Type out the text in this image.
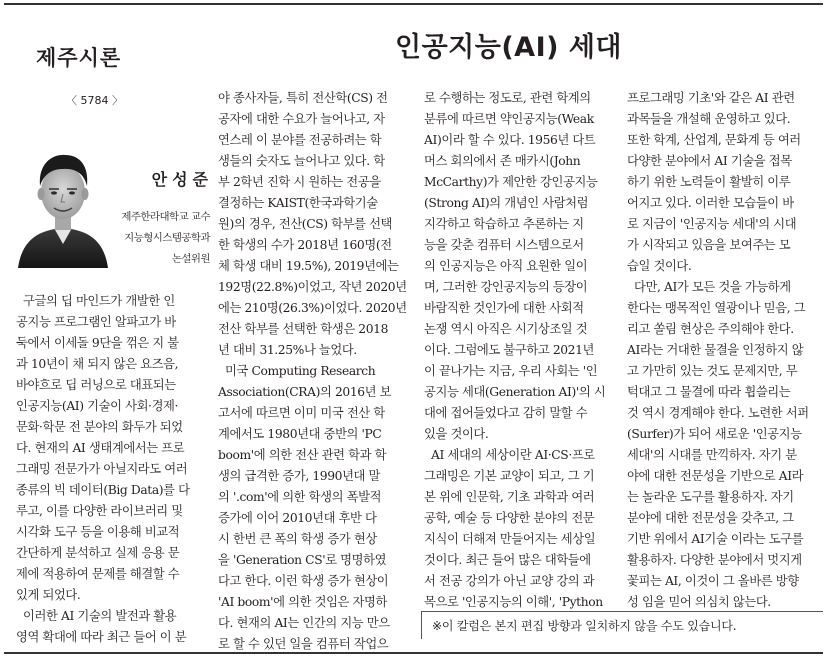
제주시론
〈 5784 〉
인공지능(AI) 세대
안성준
제주한라대학교 교수
지능형시스템공학과
논설위원
구글의 딥 마인드가 개발한 인
공지능 프로그램인 알파고가 바
둑에서 이세돌 9단을 꺾은 지 불
과 10년이 채 되지 않은 요즈음,
바야흐로 딥 러닝으로 대표되는
인공지능(AI) 기술이 사회·경제·
문화·학문 전 분야의 화두가 되었
다. 현재의 AI 생태계에서는 프로
그래밍 전문가가 아닐지라도 여러
종류의 빅 데이터(Big Data)를 다
루고, 이를 다양한 라이브러리 및
시각화 도구 등을 이용해 비교적
간단하게 분석하고 실제 응용 문
제에 적용하여 문제를 해결할 수
있게 되었다.
이러한 AI 기술의 발전과 활용
영역 확대에 따라 최근 들어 이 분
야 종사자들, 특히 전산학(CS) 전
공자에 대한 수요가 늘어나고, 자
연스레 이 분야를 전공하려는 학
생들의 숫자도 늘어나고 있다. 학
부 2학년 진학 시 원하는 전공을
결정하는 KAIST(한국과학기술
원)의 경우, 전산(CS) 학부를 선택
한 학생의 수가 2018년 160명(전
체 학생 대비 19.5%), 2019년에는
192명(22.8%)이었고, 작년 2020년
에는 210명(26.3%)이었다. 2020년
전산 학부를 선택한 학생은 2018
년 대비 31.25%나 늘었다.
미국 Computing Research
Association(CRA)의 2016년 보
고서에 따르면 이미 미국 전산 학
계에서도 1980년대 중반의 'PC
boom'에 의한 전산 관련 학과 학
생의 급격한 증가, 1990년대 말
의 '.com'에 의한 학생의 폭발적
증가에 이어 2010년대 후반 다
시 한번 큰 폭의 학생 증가 현상
을 'Generation CS'로 명명하였
다고 한다. 이런 학생 증가 현상이
'AI boom'에 의한 것임은 자명하
다. 현재의 AI는 인간의 지능 만으
로 할 수 있던 일을 컴퓨터 작업으
로 수행하는 정도로, 관련 학계의
분류에 따르면 약인공지능(Weak
AI)이라 할 수 있다. 1956년 다트
머스 회의에서 존 매카시(John
McCarthy)가 제안한 강인공지능
(Strong AI)의 개념인 사람처럼
지각하고 학습하고 추론하는 지
능을 갖춘 컴퓨터 시스템으로서
의 인공지능은 아직 요원한 일이
며, 그러한 강인공지능의 등장이
바람직한 것인가에 대한 사회적
논쟁 역시 아직은 시기상조일 것
이다. 그럼에도 불구하고 2021년
이 끝나가는 지금, 우리 사회는 '인
공지능 세대(Generation AI)'의 시
대에 접어들었다고 감히 말할 수
있을 것이다.
AI 세대의 세상이란 AI·CS·프로
그래밍은 기본 교양이 되고, 그 기
본 위에 인문학, 기초 과학과 여러
공학, 예술 등 다양한 분야의 전문
지식이 더해져 만들어지는 세상일
것이다. 최근 들어 많은 대학들에
서 전공 강의가 아닌 교양 강의 과
목으로 '인공지능의 이해', 'Python
프로그래밍 기초'와 같은 AI 관련
과목들을 개설해 운영하고 있다.
또한 학계, 산업계, 문화계 등 여러
다양한 분야에서 AI 기술을 접목
하기 위한 노력들이 활발히 이루
어지고 있다. 이러한 모습들이 바
로 지금이 '인공지능 세대'의 시대
가 시작되고 있음을 보여주는 모
습일 것이다.
다만, AI가 모든 것을 가능하게
한다는 맹목적인 열광이나 믿음, 그
리고 쏠림 현상은 주의해야 한다.
AI라는 거대한 물결을 인정하지 않
고 가만히 있는 것도 문제지만, 무
턱대고 그 물결에 따라 휩쓸리는
것 역시 경계해야 한다. 노련한 서퍼
(Surfer)가 되어 새로운 '인공지능
세대'의 시대를 만끽하자. 자기 분
야에 대한 전문성을 기반으로 AI라
는 놀라운 도구를 활용하자. 자기
분야에 대한 전문성을 갖추고, 그
기반 위에서 AI기술 이라는 도구를
활용하자. 다양한 분야에서 멋지게
꽃피는 AI, 이것이 그 올바른 방향
성 임을 믿어 의심치 않는다.
※이 칼럼은 본지 편집 방향과 일치하지 않을 수도 있습니다.
